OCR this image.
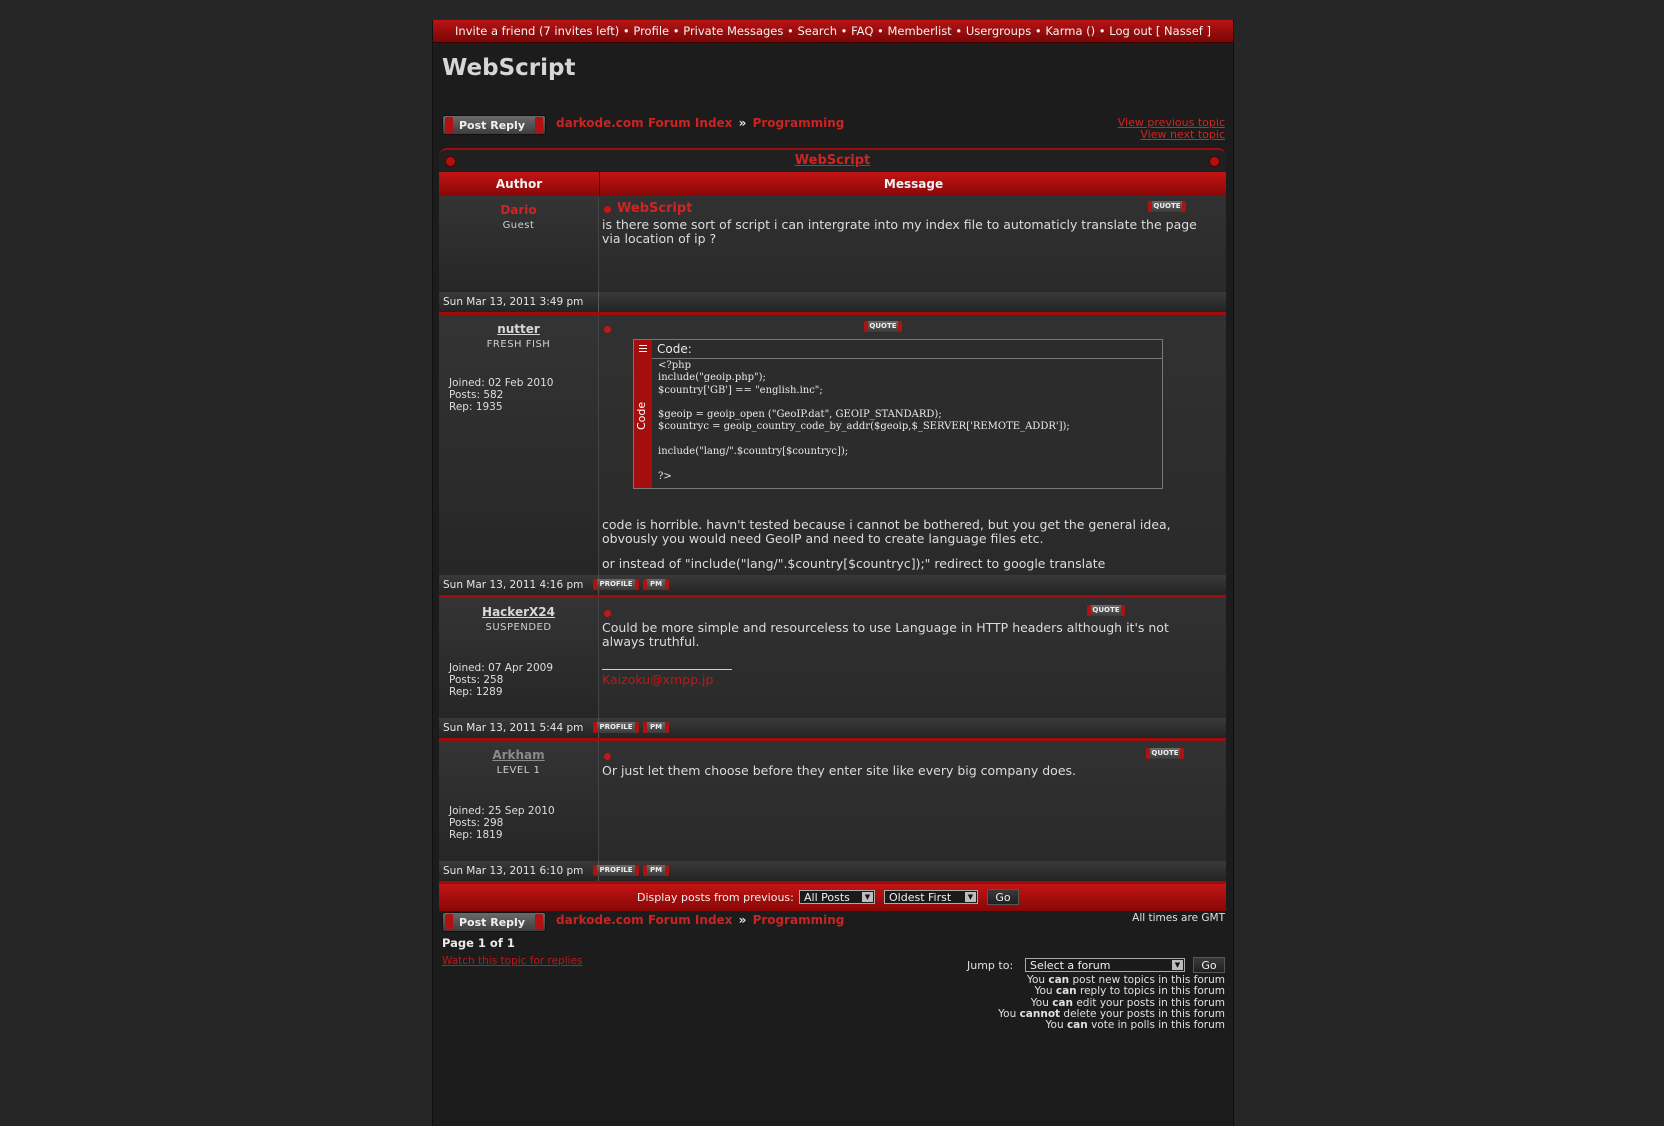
Invite a friend (7 invites left) • Profile • Private Messages • Search • FAQ • Memberlist • Usergroups • Karma () • Log out [ Nassef ]
WebScript
Post Reply	darkode.com Forum Index » Programming	View previous topic
View next topic
WebScript
Author	Message
Dario
Guest
WebScript	QUOTE
is there some sort of script i can intergrate into my index file to automaticly translate the page via location of ip ?
Sun Mar 13, 2011 3:49 pm
nutter
FRESH FISH
Joined: 02 Feb 2010
Posts: 582
Rep: 1935
QUOTE
Code
Code:
<?php
include("geoip.php");
$country['GB'] == "english.inc";

$geoip = geoip_open ("GeoIP.dat", GEOIP_STANDARD);
$countryc = geoip_country_code_by_addr($geoip,$_SERVER['REMOTE_ADDR']);

include("lang/".$country[$countryc]);

?>
code is horrible. havn't tested because i cannot be bothered, but you get the general idea, obvously you would need GeoIP and need to create language files etc.
or instead of "include("lang/".$country[$countryc]);" redirect to google translate
Sun Mar 13, 2011 4:16 pm	PROFILE	PM
HackerX24
SUSPENDED
Joined: 07 Apr 2009
Posts: 258
Rep: 1289
QUOTE
Could be more simple and resourceless to use Language in HTTP headers although it's not always truthful.
Kaizoku@xmpp.jp
Sun Mar 13, 2011 5:44 pm	PROFILE	PM
Arkham
LEVEL 1
Joined: 25 Sep 2010
Posts: 298
Rep: 1819
QUOTE
Or just let them choose before they enter site like every big company does.
Sun Mar 13, 2011 6:10 pm	PROFILE	PM
Display posts from previous: All Posts	▼	Oldest First	▼	Go
Post Reply	darkode.com Forum Index » Programming	All times are GMT
Page 1 of 1
Watch this topic for replies	Jump to:	Select a forum	▼	Go
You can post new topics in this forum
You can reply to topics in this forum
You can edit your posts in this forum
You cannot delete your posts in this forum
You can vote in polls in this forum
